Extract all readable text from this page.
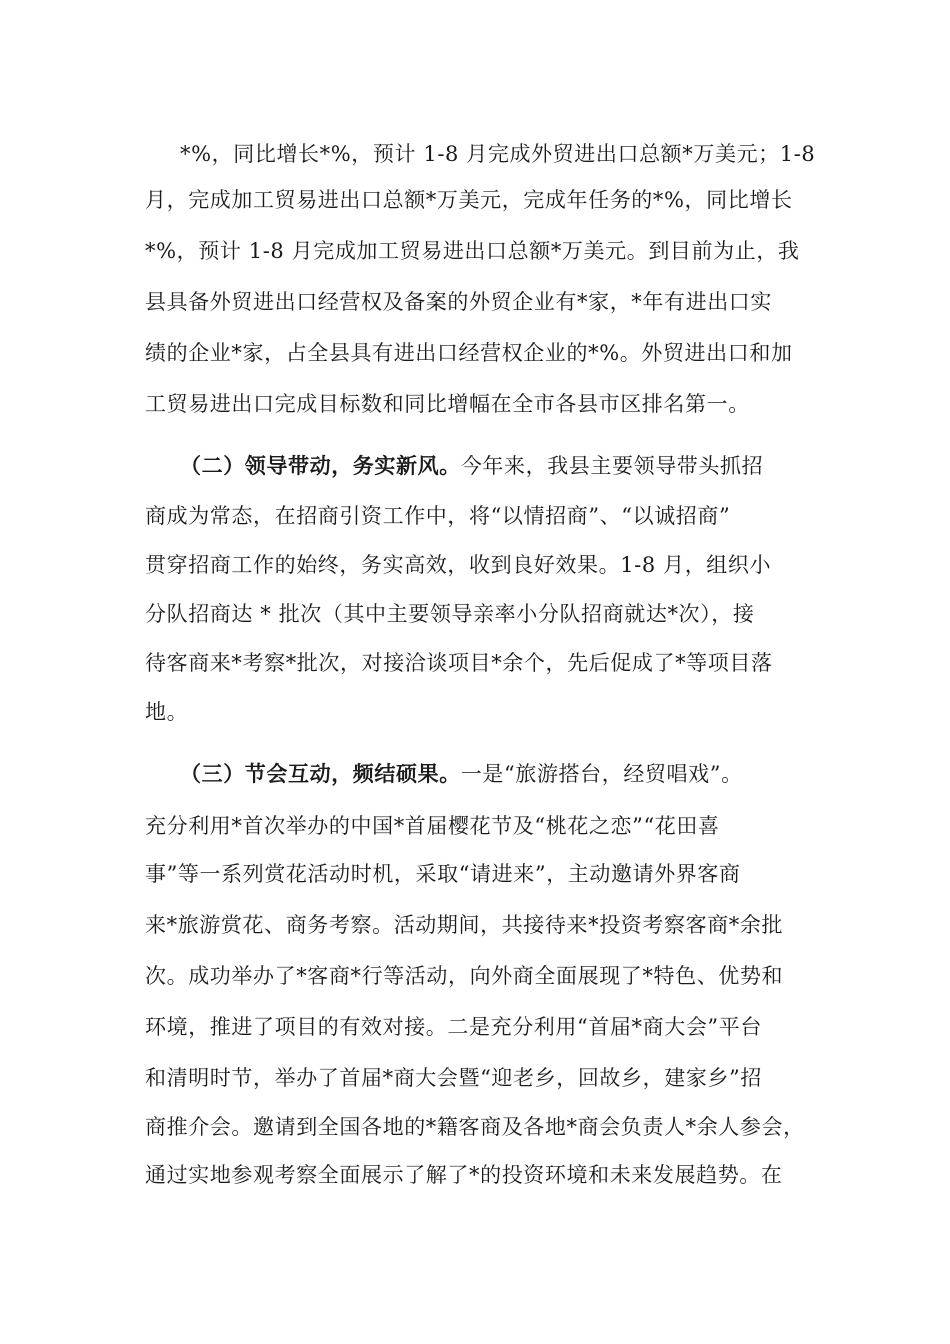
*%，同比增长*%，预计 1-8 月完成外贸进出口总额*万美元；1-8
月，完成加工贸易进出口总额*万美元，完成年任务的*%，同比增长
*%，预计 1-8 月完成加工贸易进出口总额*万美元。到目前为止，我
县具备外贸进出口经营权及备案的外贸企业有*家，*年有进出口实
绩的企业*家，占全县具有进出口经营权企业的*%。外贸进出口和加
工贸易进出口完成目标数和同比增幅在全市各县市区排名第一。
（二）领导带动，务实新风。今年来，我县主要领导带头抓招
商成为常态，在招商引资工作中，将“以情招商”、“以诚招商”
贯穿招商工作的始终，务实高效，收到良好效果。1-8 月，组织小
分队招商达 * 批次（其中主要领导亲率小分队招商就达*次），接
待客商来*考察*批次，对接洽谈项目*余个，先后促成了*等项目落
地。
（三）节会互动，频结硕果。一是“旅游搭台，经贸唱戏”。
充分利用*首次举办的中国*首届樱花节及“桃花之恋”“花田喜
事”等一系列赏花活动时机，采取“请进来”，主动邀请外界客商
来*旅游赏花、商务考察。活动期间，共接待来*投资考察客商*余批
次。成功举办了*客商*行等活动，向外商全面展现了*特色、优势和
环境，推进了项目的有效对接。二是充分利用“首届*商大会”平台
和清明时节，举办了首届*商大会暨“迎老乡，回故乡，建家乡”招
商推介会。邀请到全国各地的*籍客商及各地*商会负责人*余人参会，
通过实地参观考察全面展示了解了*的投资环境和未来发展趋势。在
